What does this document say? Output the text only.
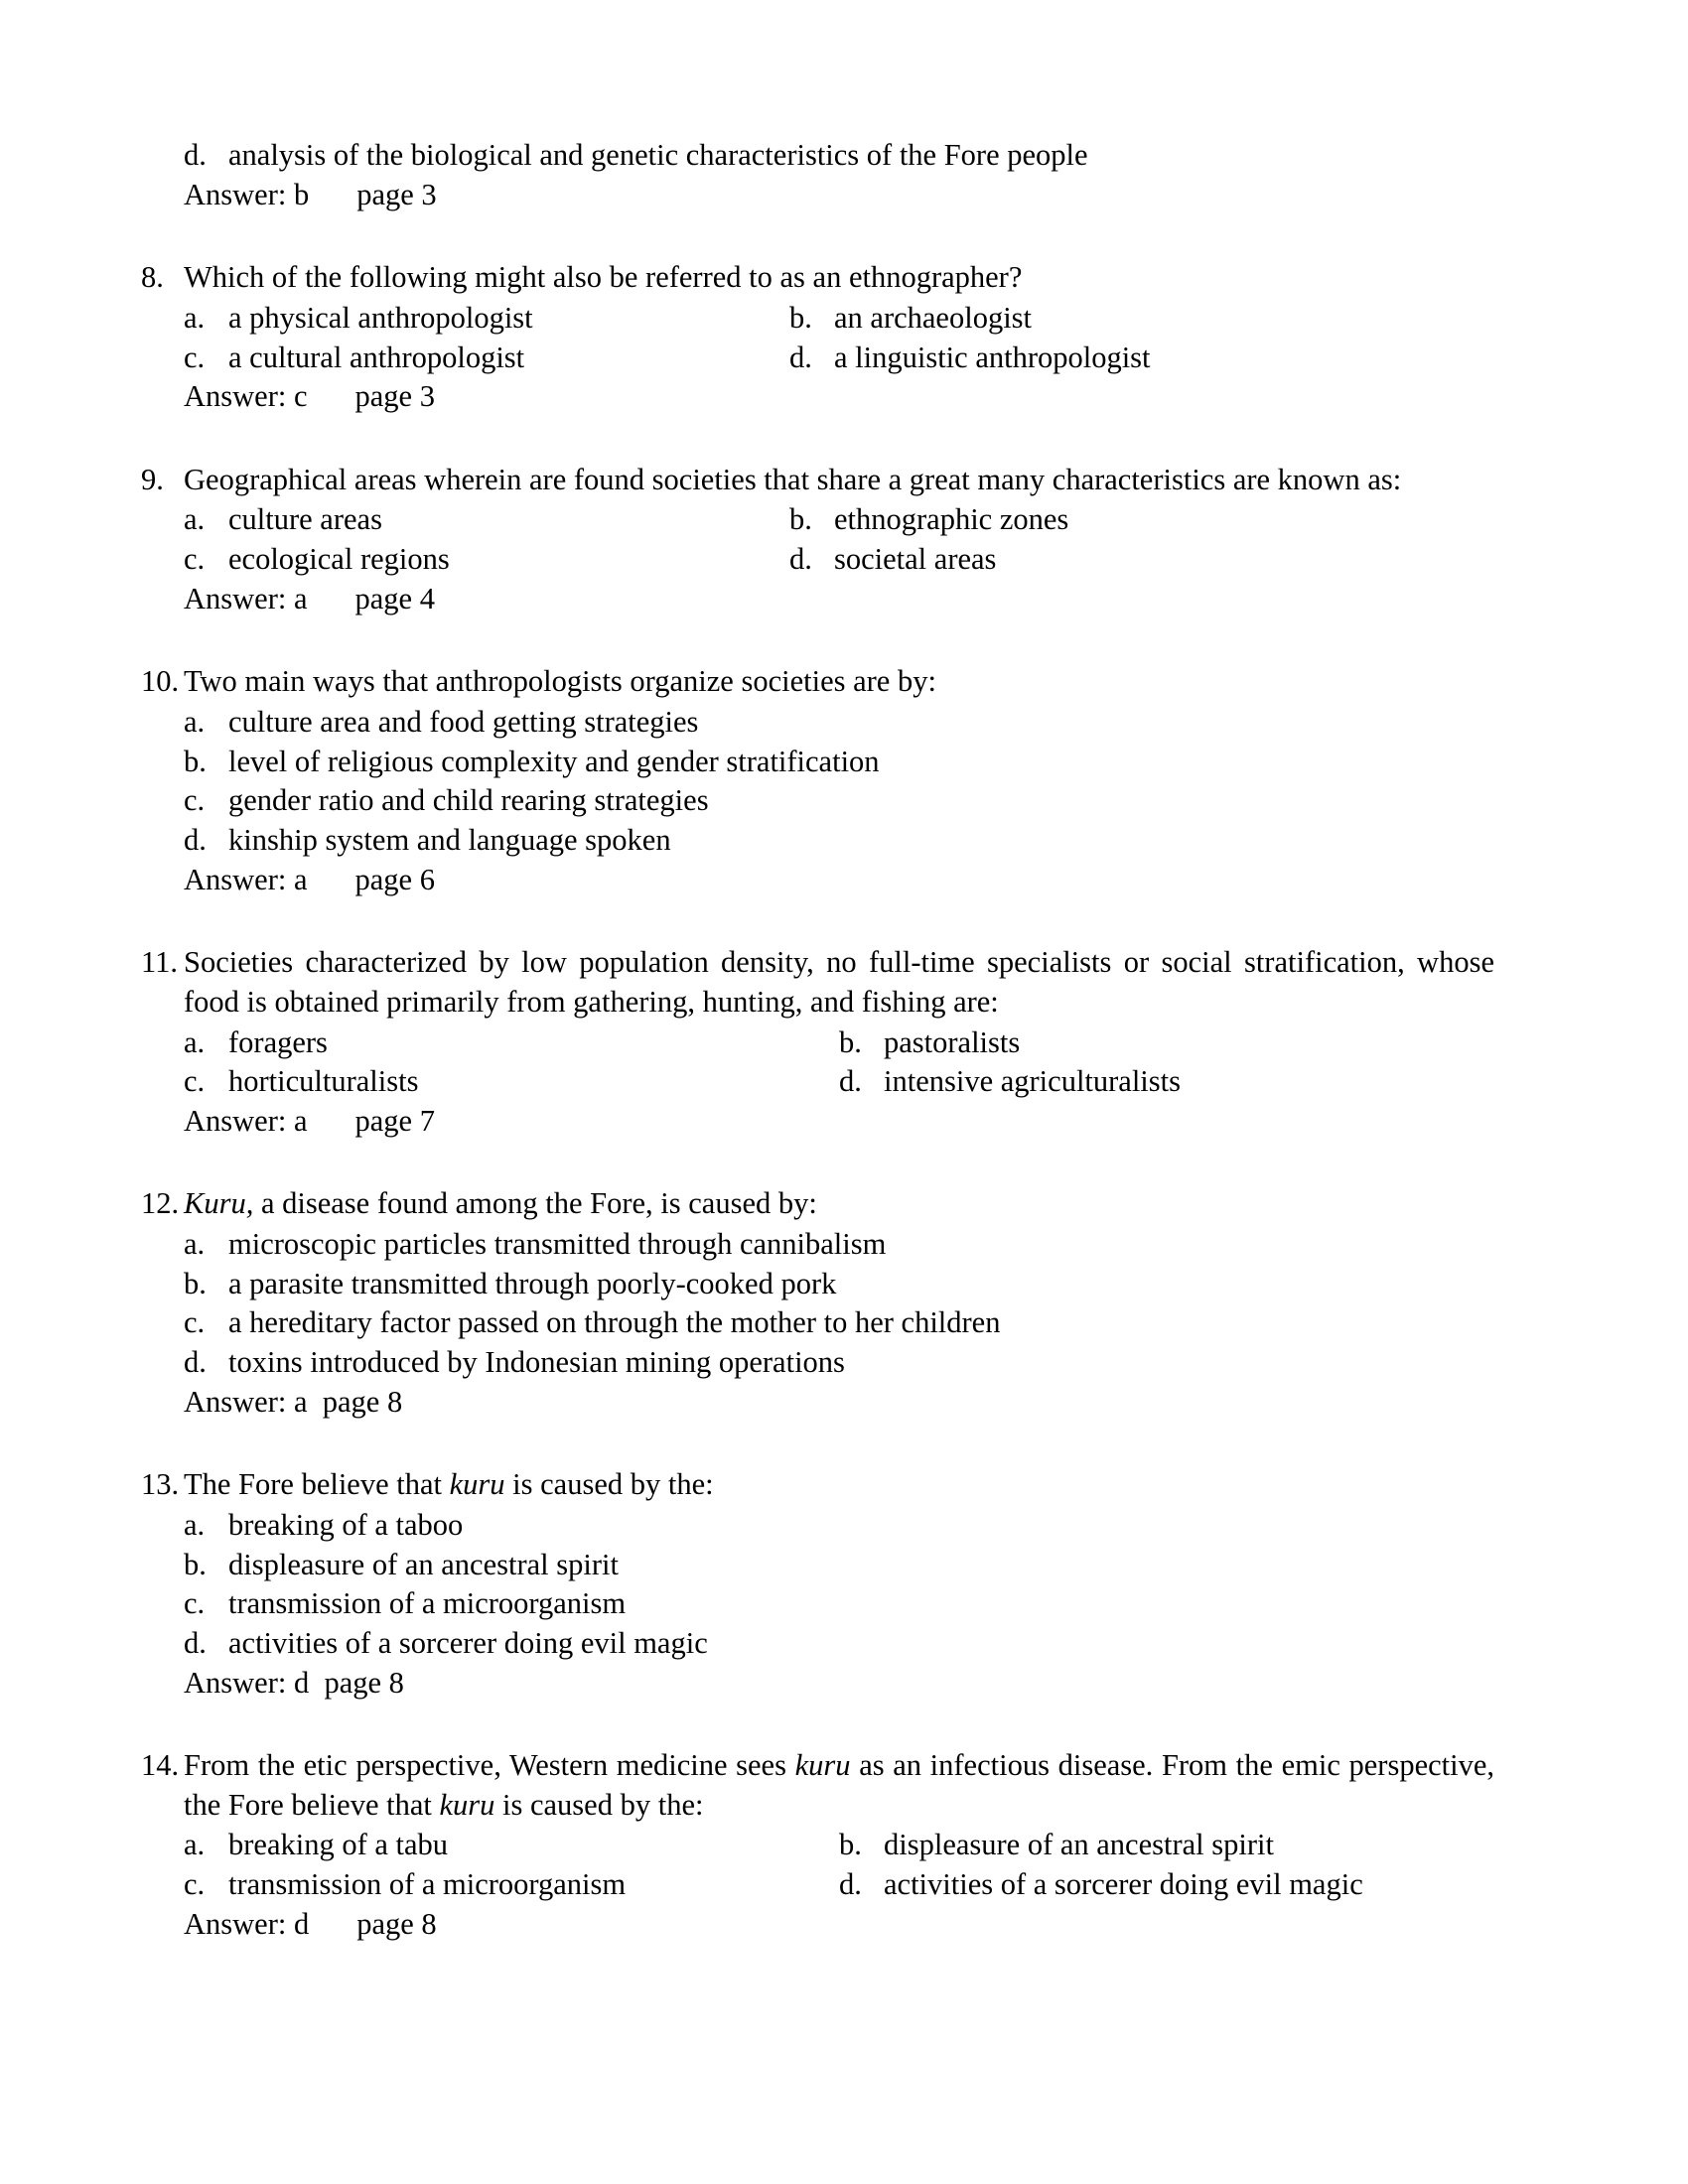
d. analysis of the biological and genetic characteristics of the Fore people
Answer: b page 3
8. Which of the following might also be referred to as an ethnographer?
a. a physical anthropologist	b. an archaeologist
c. a cultural anthropologist	d. a linguistic anthropologist
Answer: c page 3
9. Geographical areas wherein are found societies that share a great many characteristics are known as:
a. culture areas	b. ethnographic zones
c. ecological regions	d. societal areas
Answer: a page 4
10. Two main ways that anthropologists organize societies are by:
a. culture area and food getting strategies
b. level of religious complexity and gender stratification
c. gender ratio and child rearing strategies
d. kinship system and language spoken
Answer: a page 6
11. Societies characterized by low population density, no full-time specialists or social stratification, whose food is obtained primarily from gathering, hunting, and fishing are:
a. foragers	b. pastoralists
c. horticulturalists	d. intensive agriculturalists
Answer: a page 7
12. Kuru, a disease found among the Fore, is caused by:
a. microscopic particles transmitted through cannibalism
b. a parasite transmitted through poorly-cooked pork
c. a hereditary factor passed on through the mother to her children
d. toxins introduced by Indonesian mining operations
Answer: a  page 8
13. The Fore believe that kuru is caused by the:
a. breaking of a taboo
b. displeasure of an ancestral spirit
c. transmission of a microorganism
d. activities of a sorcerer doing evil magic
Answer: d  page 8
14. From the etic perspective, Western medicine sees kuru as an infectious disease. From the emic perspective, the Fore believe that kuru is caused by the:
a. breaking of a tabu	b. displeasure of an ancestral spirit
c. transmission of a microorganism	d. activities of a sorcerer doing evil magic
Answer: d page 8
